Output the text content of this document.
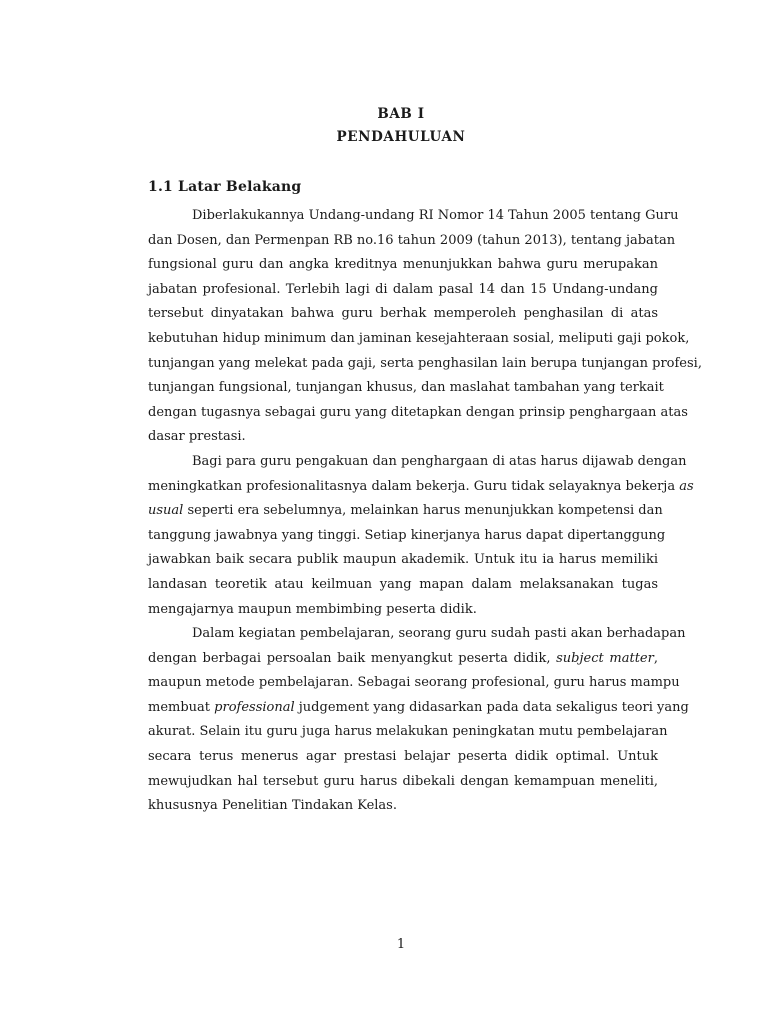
BAB I
PENDAHULUAN
1.1 Latar Belakang
Diberlakukannya Undang-undang RI Nomor 14 Tahun 2005 tentang Guru
dan Dosen, dan Permenpan RB no.16 tahun 2009 (tahun 2013), tentang jabatan
fungsional guru dan angka kreditnya menunjukkan bahwa guru merupakan
jabatan profesional. Terlebih lagi di dalam pasal 14 dan 15 Undang-undang
tersebut dinyatakan bahwa guru berhak memperoleh penghasilan di atas
kebutuhan hidup minimum dan jaminan kesejahteraan sosial, meliputi gaji pokok,
tunjangan yang melekat pada gaji, serta penghasilan lain berupa tunjangan profesi,
tunjangan fungsional, tunjangan khusus, dan maslahat tambahan yang terkait
dengan tugasnya sebagai guru yang ditetapkan dengan prinsip penghargaan atas
dasar prestasi.
Bagi para guru pengakuan dan penghargaan di atas harus dijawab dengan
meningkatkan profesionalitasnya dalam bekerja. Guru tidak selayaknya bekerja as
usual seperti era sebelumnya, melainkan harus menunjukkan kompetensi dan
tanggung jawabnya yang tinggi. Setiap kinerjanya harus dapat dipertanggung
jawabkan baik secara publik maupun akademik. Untuk itu ia harus memiliki
landasan teoretik atau keilmuan yang mapan dalam melaksanakan tugas
mengajarnya maupun membimbing peserta didik.
Dalam kegiatan pembelajaran, seorang guru sudah pasti akan berhadapan
dengan berbagai persoalan baik menyangkut peserta didik, subject matter,
maupun metode pembelajaran. Sebagai seorang profesional, guru harus mampu
membuat professional judgement yang didasarkan pada data sekaligus teori yang
akurat. Selain itu guru juga harus melakukan peningkatan mutu pembelajaran
secara terus menerus agar prestasi belajar peserta didik optimal. Untuk
mewujudkan hal tersebut guru harus dibekali dengan kemampuan meneliti,
khususnya Penelitian Tindakan Kelas.
1
